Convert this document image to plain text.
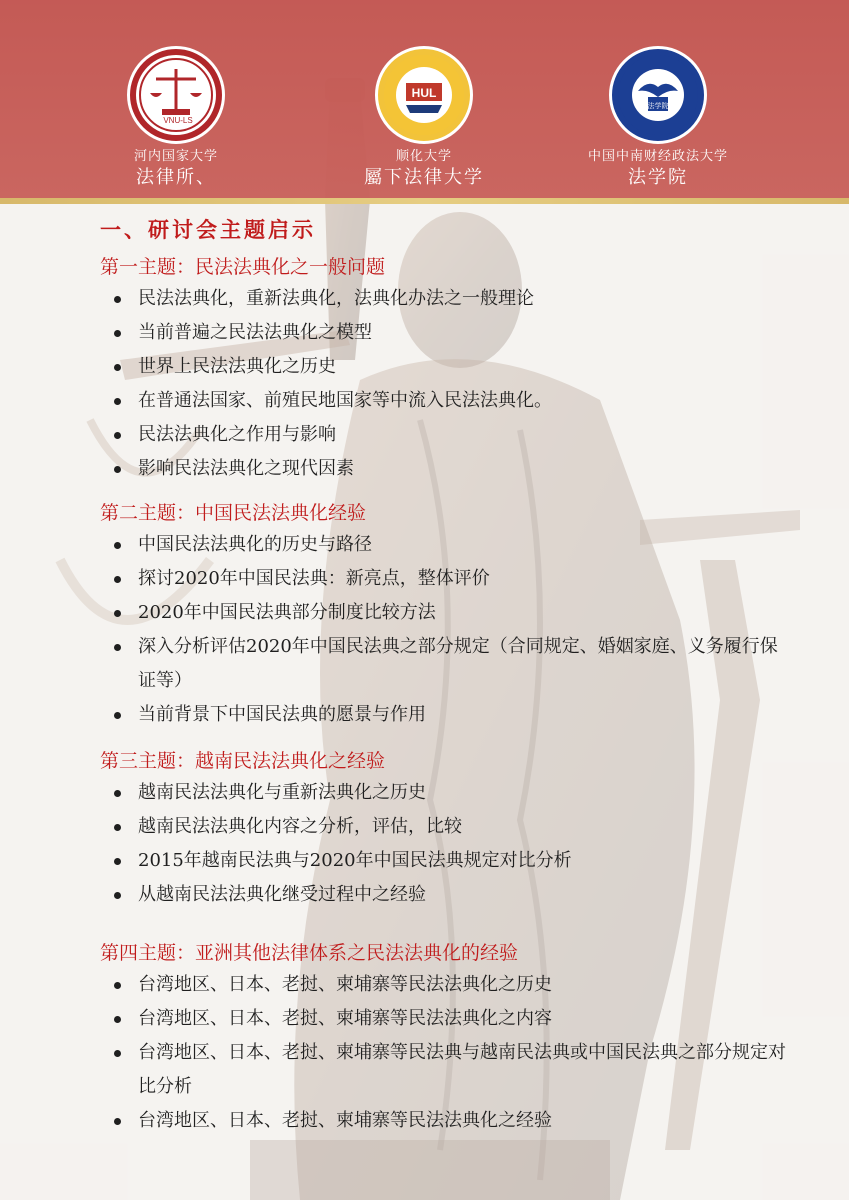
VNU-LS
河内国家大学
法律所、
HUL
顺化大学
屬下法律大学
法学院
中国中南财经政法大学
法学院
一、研讨会主题启示
第一主题：民法法典化之一般问题
民法法典化，重新法典化，法典化办法之一般理论
当前普遍之民法法典化之模型
世界上民法法典化之历史
在普通法国家、前殖民地国家等中流入民法法典化。
民法法典化之作用与影响
影响民法法典化之现代因素
第二主题：中国民法法典化经验
中国民法法典化的历史与路径
探讨2020年中国民法典：新亮点，整体评价
2020年中国民法典部分制度比较方法
深入分析评估2020年中国民法典之部分规定（合同规定、婚姻家庭、义务履行保证等）
当前背景下中国民法典的愿景与作用
第三主题：越南民法法典化之经验
越南民法法典化与重新法典化之历史
越南民法法典化内容之分析，评估，比较
2015年越南民法典与2020年中国民法典规定对比分析
从越南民法法典化继受过程中之经验
第四主题：亚洲其他法律体系之民法法典化的经验
台湾地区、日本、老挝、柬埔寨等民法法典化之历史
台湾地区、日本、老挝、柬埔寨等民法法典化之内容
台湾地区、日本、老挝、柬埔寨等民法典与越南民法典或中国民法典之部分规定对比分析
台湾地区、日本、老挝、柬埔寨等民法法典化之经验
